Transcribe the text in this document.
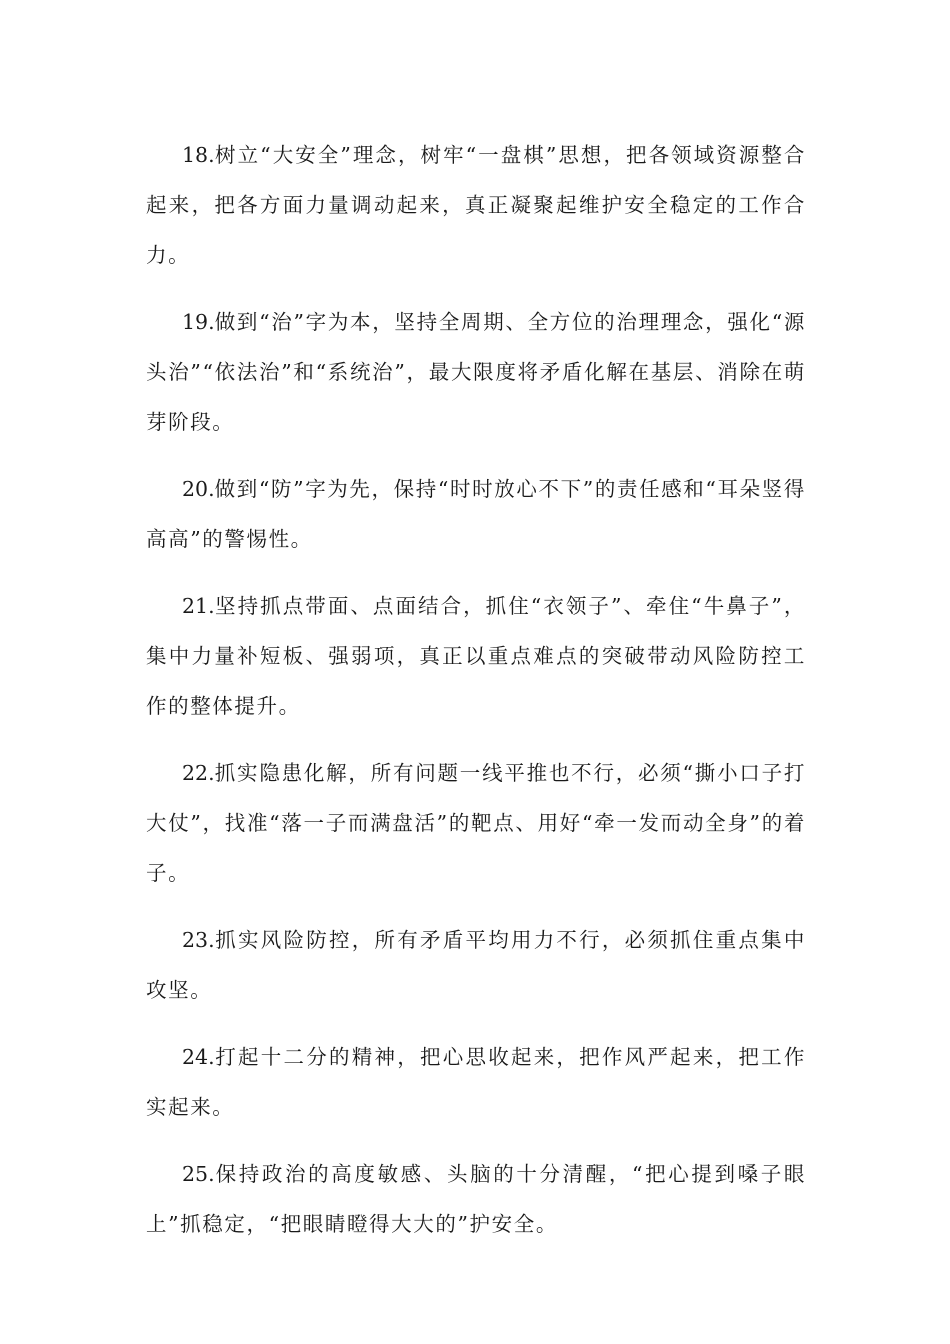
18.树立“大安全”理念，树牢“一盘棋”思想，把各领域资源整合起来，把各方面力量调动起来，真正凝聚起维护安全稳定的工作合力。

19.做到“治”字为本，坚持全周期、全方位的治理理念，强化“源头治”“依法治”和“系统治”，最大限度将矛盾化解在基层、消除在萌芽阶段。

20.做到“防”字为先，保持“时时放心不下”的责任感和“耳朵竖得高高”的警惕性。

21.坚持抓点带面、点面结合，抓住“衣领子”、牵住“牛鼻子”，集中力量补短板、强弱项，真正以重点难点的突破带动风险防控工作的整体提升。

22.抓实隐患化解，所有问题一线平推也不行，必须“撕小口子打大仗”，找准“落一子而满盘活”的靶点、用好“牵一发而动全身”的着子。

23.抓实风险防控，所有矛盾平均用力不行，必须抓住重点集中攻坚。

24.打起十二分的精神，把心思收起来，把作风严起来，把工作实起来。

25.保持政治的高度敏感、头脑的十分清醒，“把心提到嗓子眼上”抓稳定，“把眼睛瞪得大大的”护安全。
